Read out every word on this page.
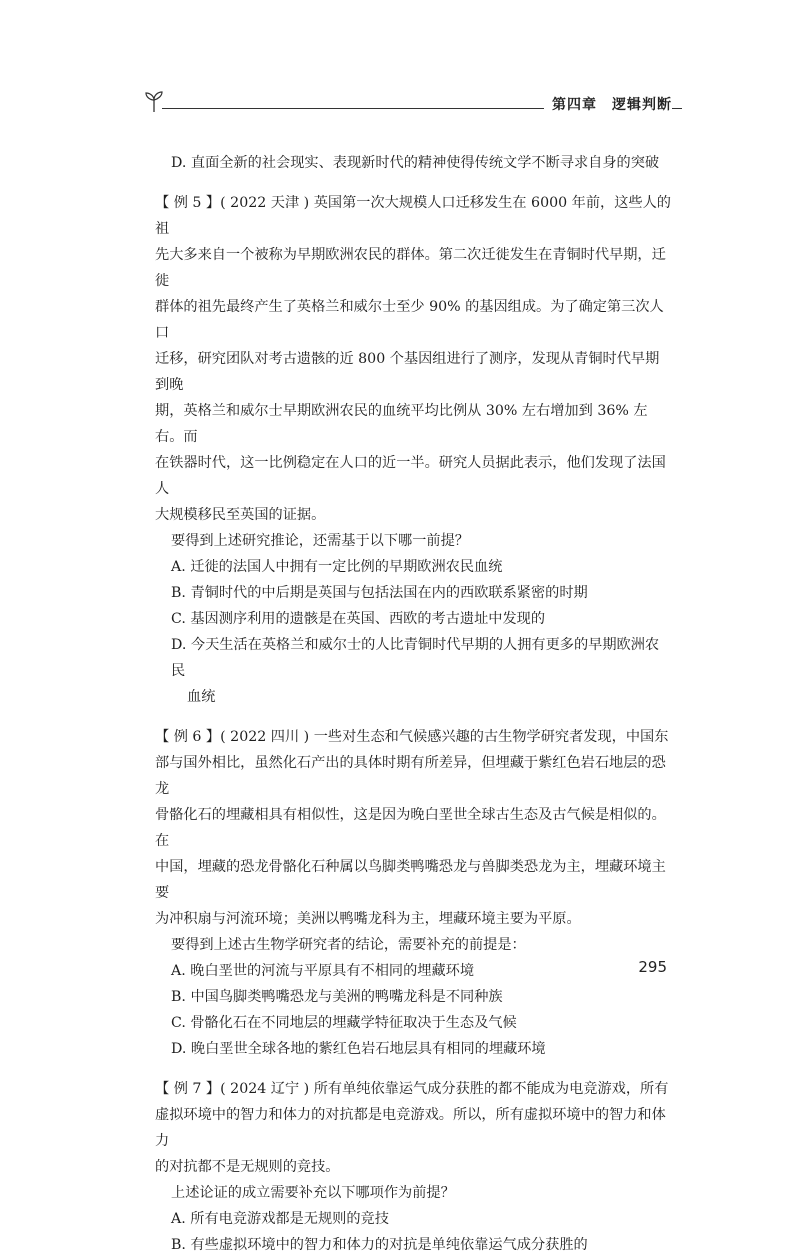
第四章　逻辑判断

D. 直面全新的社会现实、表现新时代的精神使得传统文学不断寻求自身的突破

【 例 5 】( 2022 天津 ) 英国第一次大规模人口迁移发生在 6000 年前，这些人的祖

先大多来自一个被称为早期欧洲农民的群体。第二次迁徙发生在青铜时代早期，迁徙

群体的祖先最终产生了英格兰和威尔士至少 90% 的基因组成。为了确定第三次人口

迁移，研究团队对考古遗骸的近 800 个基因组进行了测序，发现从青铜时代早期到晚

期，英格兰和威尔士早期欧洲农民的血统平均比例从 30% 左右增加到 36% 左右。而

在铁器时代，这一比例稳定在人口的近一半。研究人员据此表示，他们发现了法国人

大规模移民至英国的证据。

要得到上述研究推论，还需基于以下哪一前提？

A. 迁徙的法国人中拥有一定比例的早期欧洲农民血统

B. 青铜时代的中后期是英国与包括法国在内的西欧联系紧密的时期

C. 基因测序利用的遗骸是在英国、西欧的考古遗址中发现的

D. 今天生活在英格兰和威尔士的人比青铜时代早期的人拥有更多的早期欧洲农民

血统

【 例 6 】( 2022 四川 ) 一些对生态和气候感兴趣的古生物学研究者发现，中国东

部与国外相比，虽然化石产出的具体时期有所差异，但埋藏于紫红色岩石地层的恐龙

骨骼化石的埋藏相具有相似性，这是因为晚白垩世全球古生态及古气候是相似的。在

中国，埋藏的恐龙骨骼化石种属以鸟脚类鸭嘴恐龙与兽脚类恐龙为主，埋藏环境主要

为冲积扇与河流环境；美洲以鸭嘴龙科为主，埋藏环境主要为平原。

要得到上述古生物学研究者的结论，需要补充的前提是：

A. 晚白垩世的河流与平原具有不相同的埋藏环境

B. 中国鸟脚类鸭嘴恐龙与美洲的鸭嘴龙科是不同种族

C. 骨骼化石在不同地层的埋藏学特征取决于生态及气候

D. 晚白垩世全球各地的紫红色岩石地层具有相同的埋藏环境

【 例 7 】( 2024 辽宁 ) 所有单纯依靠运气成分获胜的都不能成为电竞游戏，所有

虚拟环境中的智力和体力的对抗都是电竞游戏。所以，所有虚拟环境中的智力和体力

的对抗都不是无规则的竞技。

上述论证的成立需要补充以下哪项作为前提？

A. 所有电竞游戏都是无规则的竞技

B. 有些虚拟环境中的智力和体力的对抗是单纯依靠运气成分获胜的

295
